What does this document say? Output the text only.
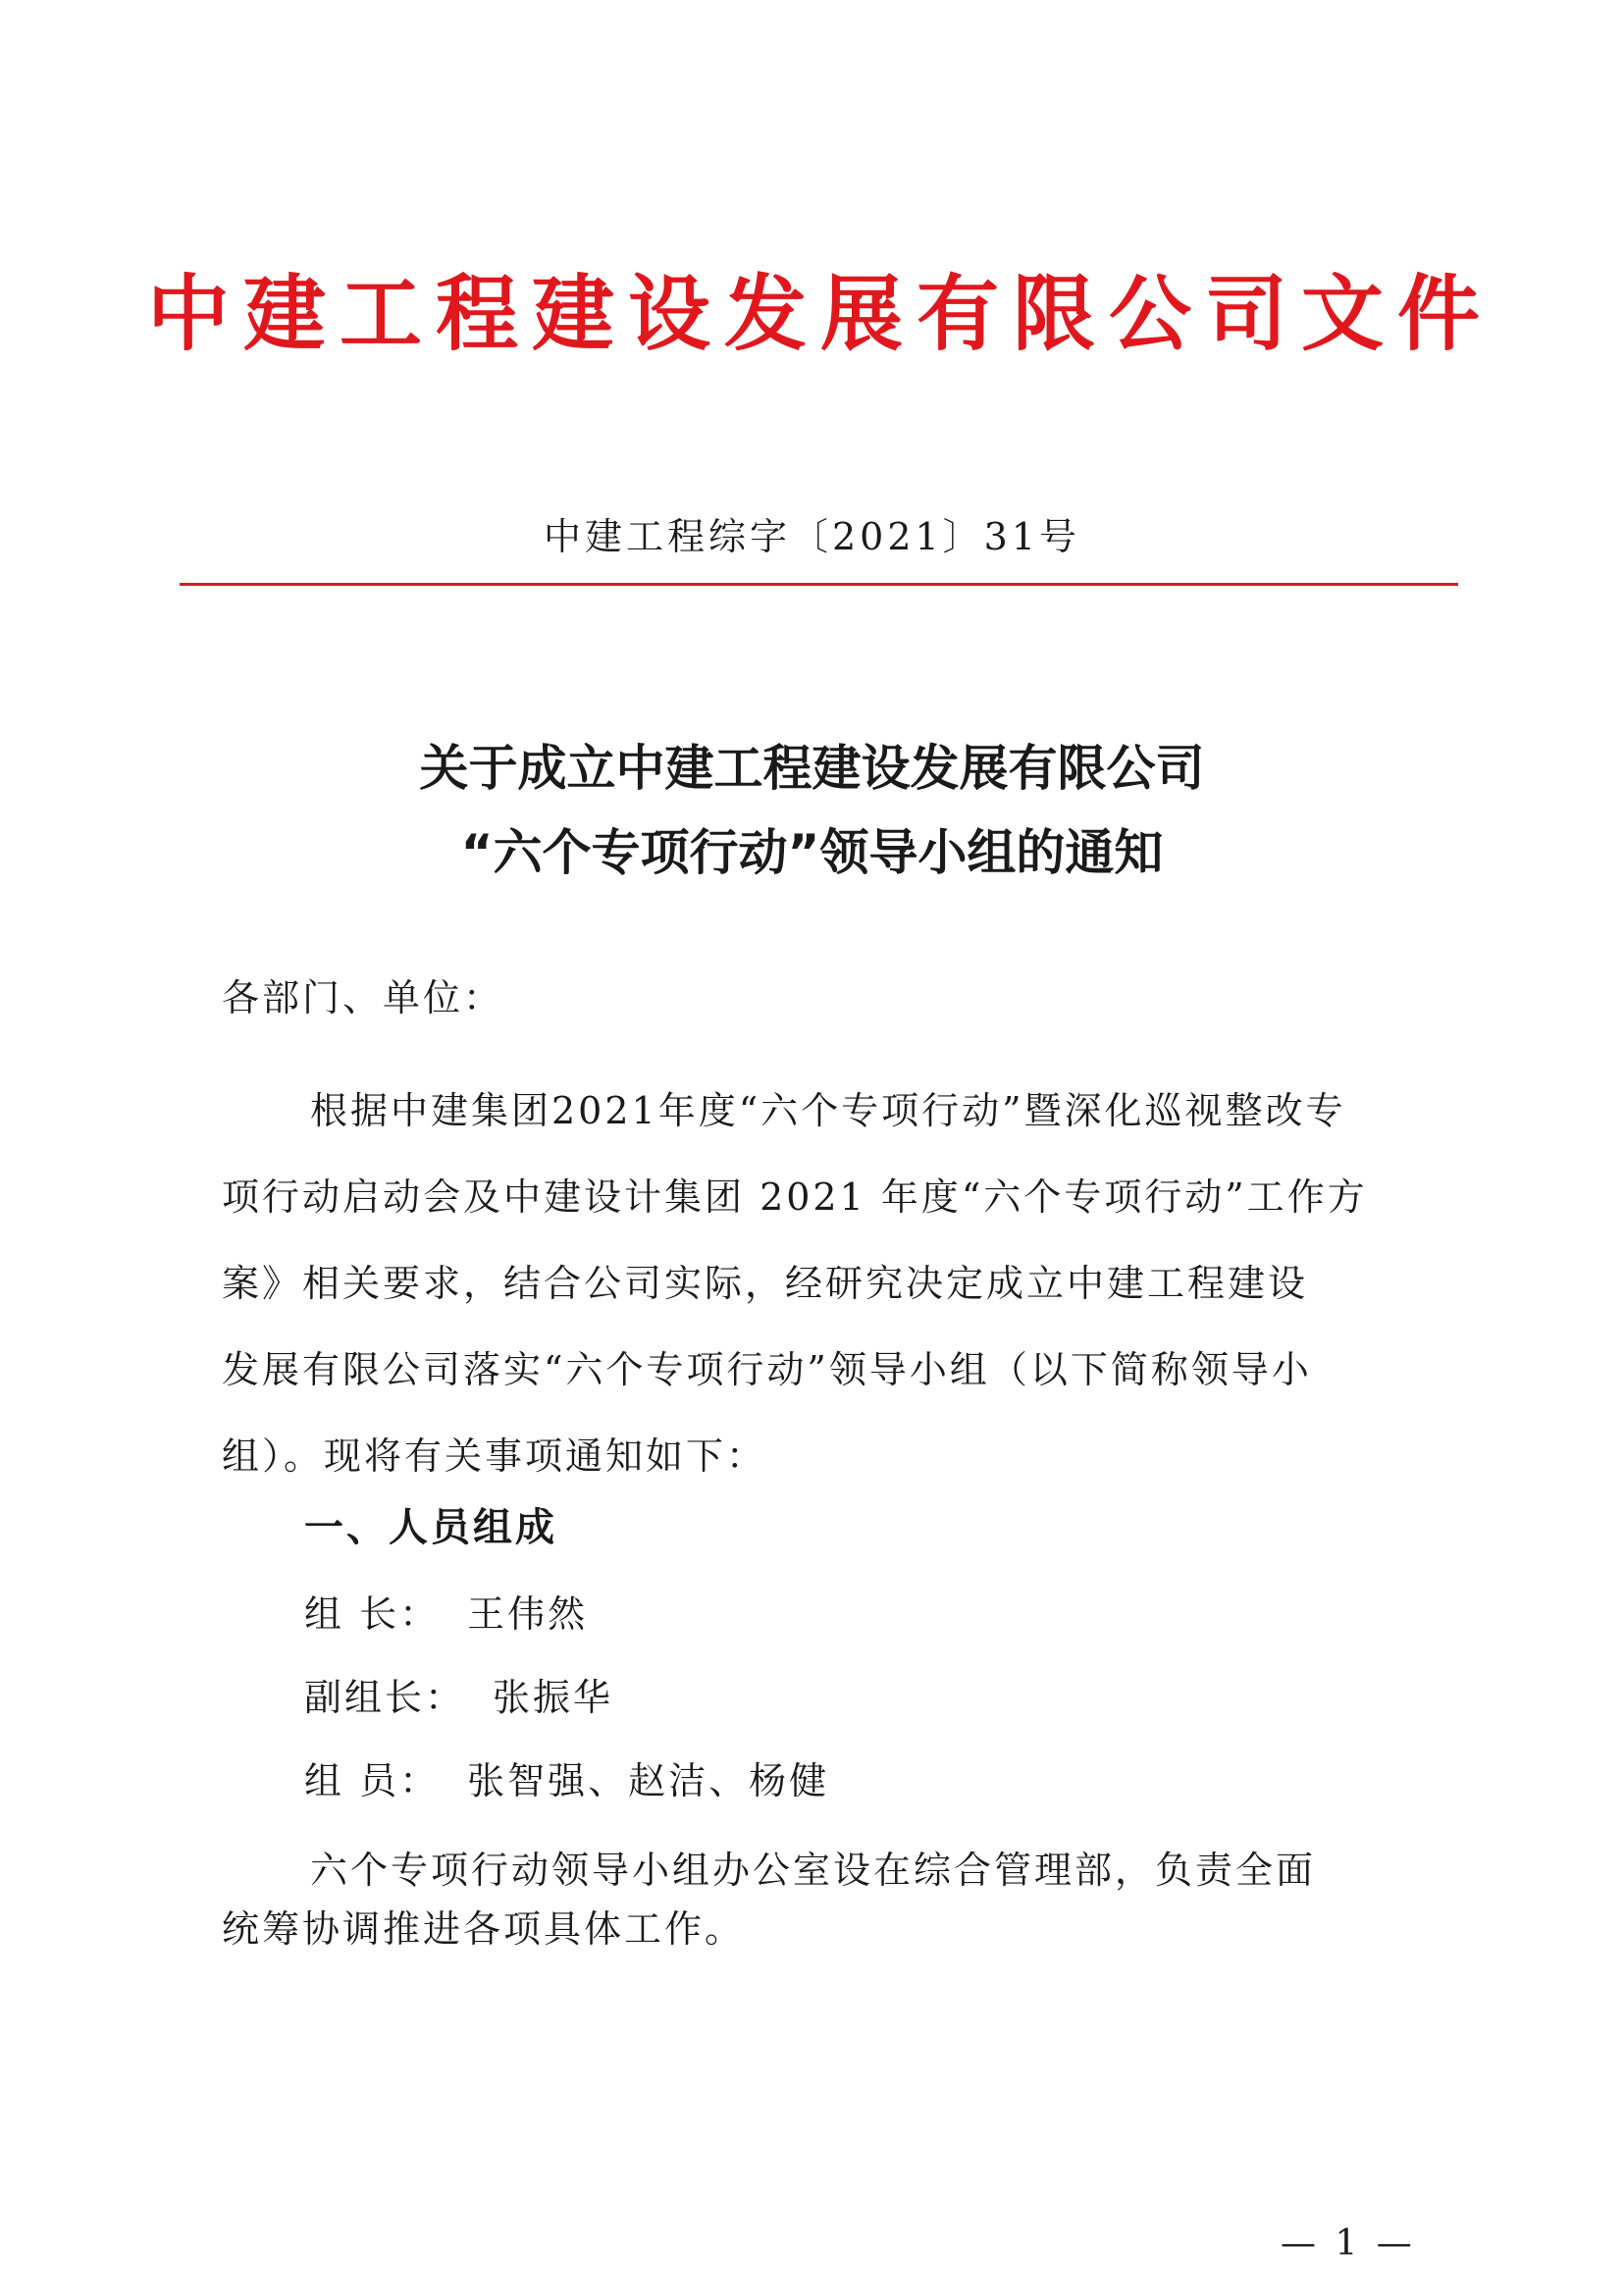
中建工程建设发展有限公司文件
中建工程综字〔2021〕31号
关于成立中建工程建设发展有限公司
“六个专项行动”领导小组的通知
各部门、单位：
根据中建集团2021年度“六个专项行动”暨深化巡视整改专
项行动启动会及中建设计集团 2021 年度“六个专项行动”工作方
案》相关要求，结合公司实际，经研究决定成立中建工程建设
发展有限公司落实“六个专项行动”领导小组（以下简称领导小
组）。现将有关事项通知如下：
一、人员组成
组 长： 王伟然
副组长： 张振华
组 员： 张智强、赵洁、杨健
六个专项行动领导小组办公室设在综合管理部，负责全面
统筹协调推进各项具体工作。
— 1 —
